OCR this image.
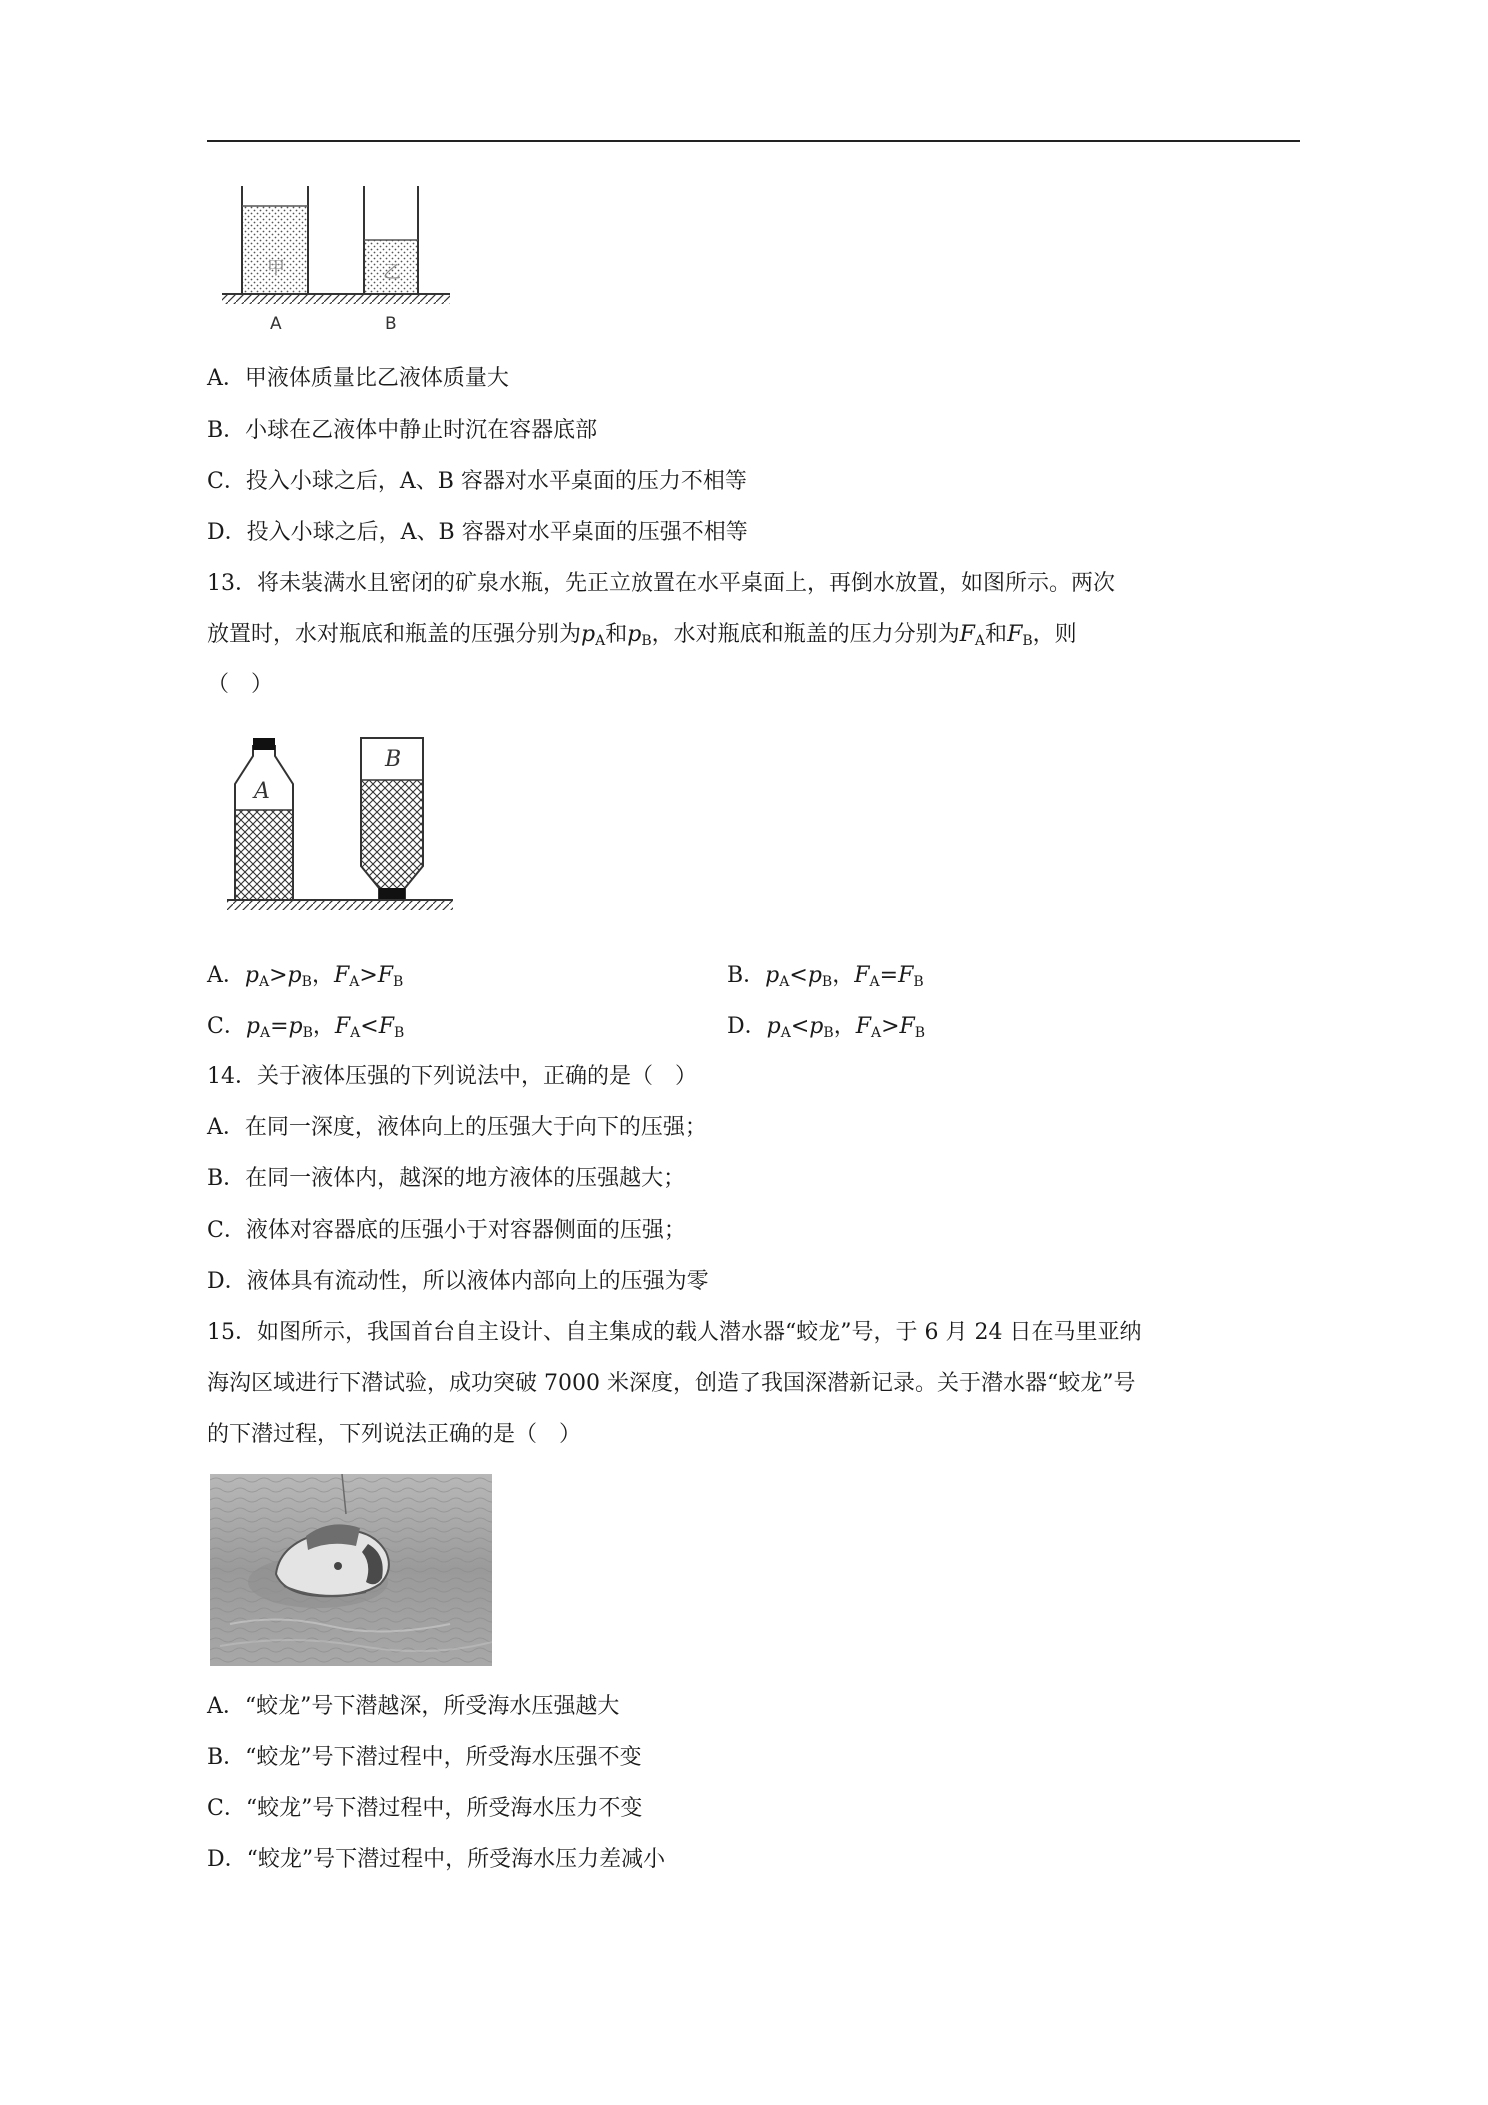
甲	乙
A	B
A．甲液体质量比乙液体质量大
B．小球在乙液体中静止时沉在容器底部
C．投入小球之后，A、B 容器对水平桌面的压力不相等
D．投入小球之后，A、B 容器对水平桌面的压强不相等
13．将未装满水且密闭的矿泉水瓶，先正立放置在水平桌面上，再倒水放置，如图所示。两次
放置时，水对瓶底和瓶盖的压强分别为$p_A$和$p_B$，水对瓶底和瓶盖的压力分别为$F_A$和$F_B$，则
（　）
A
B
A．$p_A>p_B$，$F_A>F_B$	B．$p_A<p_B$，$F_A=F_B$
C．$p_A=p_B$，$F_A<F_B$	D．$p_A<p_B$，$F_A>F_B$
14．关于液体压强的下列说法中，正确的是（　）
A．在同一深度，液体向上的压强大于向下的压强；
B．在同一液体内，越深的地方液体的压强越大；
C．液体对容器底的压强小于对容器侧面的压强；
D．液体具有流动性，所以液体内部向上的压强为零
15．如图所示，我国首台自主设计、自主集成的载人潜水器“蛟龙”号，于 6 月 24 日在马里亚纳
海沟区域进行下潜试验，成功突破 7000 米深度，创造了我国深潜新记录。关于潜水器“蛟龙”号
的下潜过程，下列说法正确的是（　）
A．“蛟龙”号下潜越深，所受海水压强越大
B．“蛟龙”号下潜过程中，所受海水压强不变
C．“蛟龙”号下潜过程中，所受海水压力不变
D．“蛟龙”号下潜过程中，所受海水压力差减小
